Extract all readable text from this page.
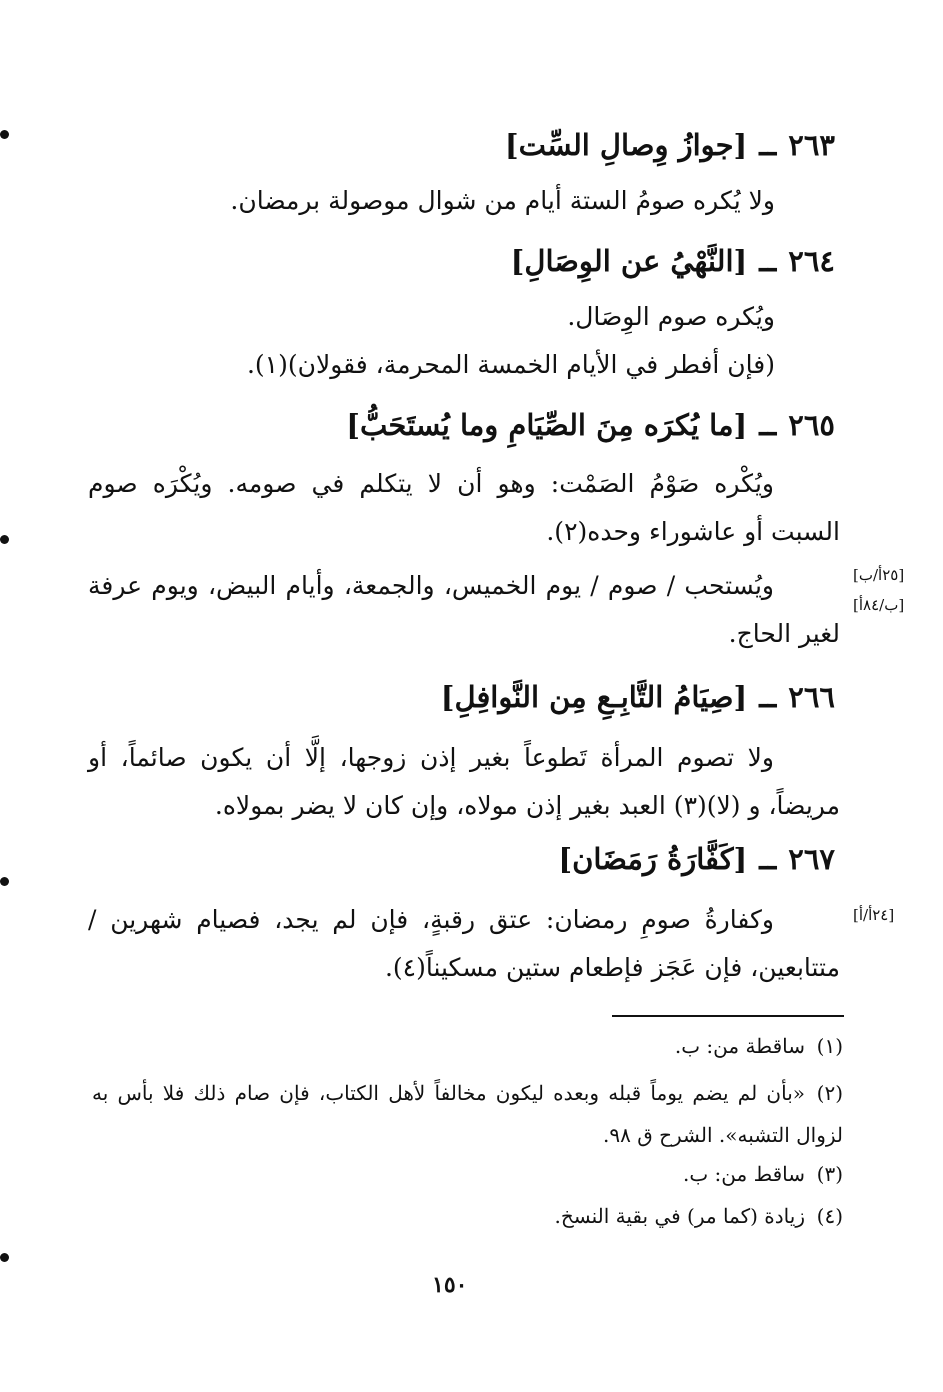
٢٦٣ــ[جوازُ وِصالِ السِّت]
ولا يُكره صومُ الستة أيام من شوال موصولة برمضان.
٢٦٤ــ[النَّهْيُ عن الوِصَالِ]
ويُكره صوم الوِصَال.
(فإن أفطر في الأيام الخمسة المحرمة، فقولان)(١).
٢٦٥ــ[ما يُكرَه مِنَ الصِّيَامِ وما يُستَحَبُّ]

ويُكْره صَوْمُ الصَمْت: وهو أن لا يتكلم في صومه. ويُكْرَه صوم السبت أو عاشوراء وحده(٢).

ويُستحب / صوم / يوم الخميس، والجمعة، وأيام البيض، ويوم عرفة لغير الحاج.

[٢٥أ/ب]
[ب/٨٤أ]
٢٦٦ــ[صِيَامُ التَّابِـعِ مِن النَّوافِلِ]

ولا تصوم المرأة تَطوعاً بغير إذن زوجها، إلَّا أن يكون صائماً، أو مريضاً، و (لا)(٣) العبد بغير إذن مولاه، وإن كان لا يضر بمولاه.

٢٦٧ــ[كَفَّارَةُ رَمَضَان]

وكفارةُ صومِ رمضان: عتق رقبةٍ، فإن لم يجد، فصيام شهرين / متتابعين، فإن عَجَز فإطعام ستين مسكيناً(٤).

[٢٤أ/أ]
(١)ساقطة من: ب.
(٢)«بأن لم يضم يوماً قبله وبعده ليكون مخالفاً لأهل الكتاب، فإن صام ذلك فلا بأس به لزوال التشبه». الشرح ق ٩٨.
(٣)ساقط من: ب.
(٤)زيادة (كما مر) في بقية النسخ.
١٥٠
